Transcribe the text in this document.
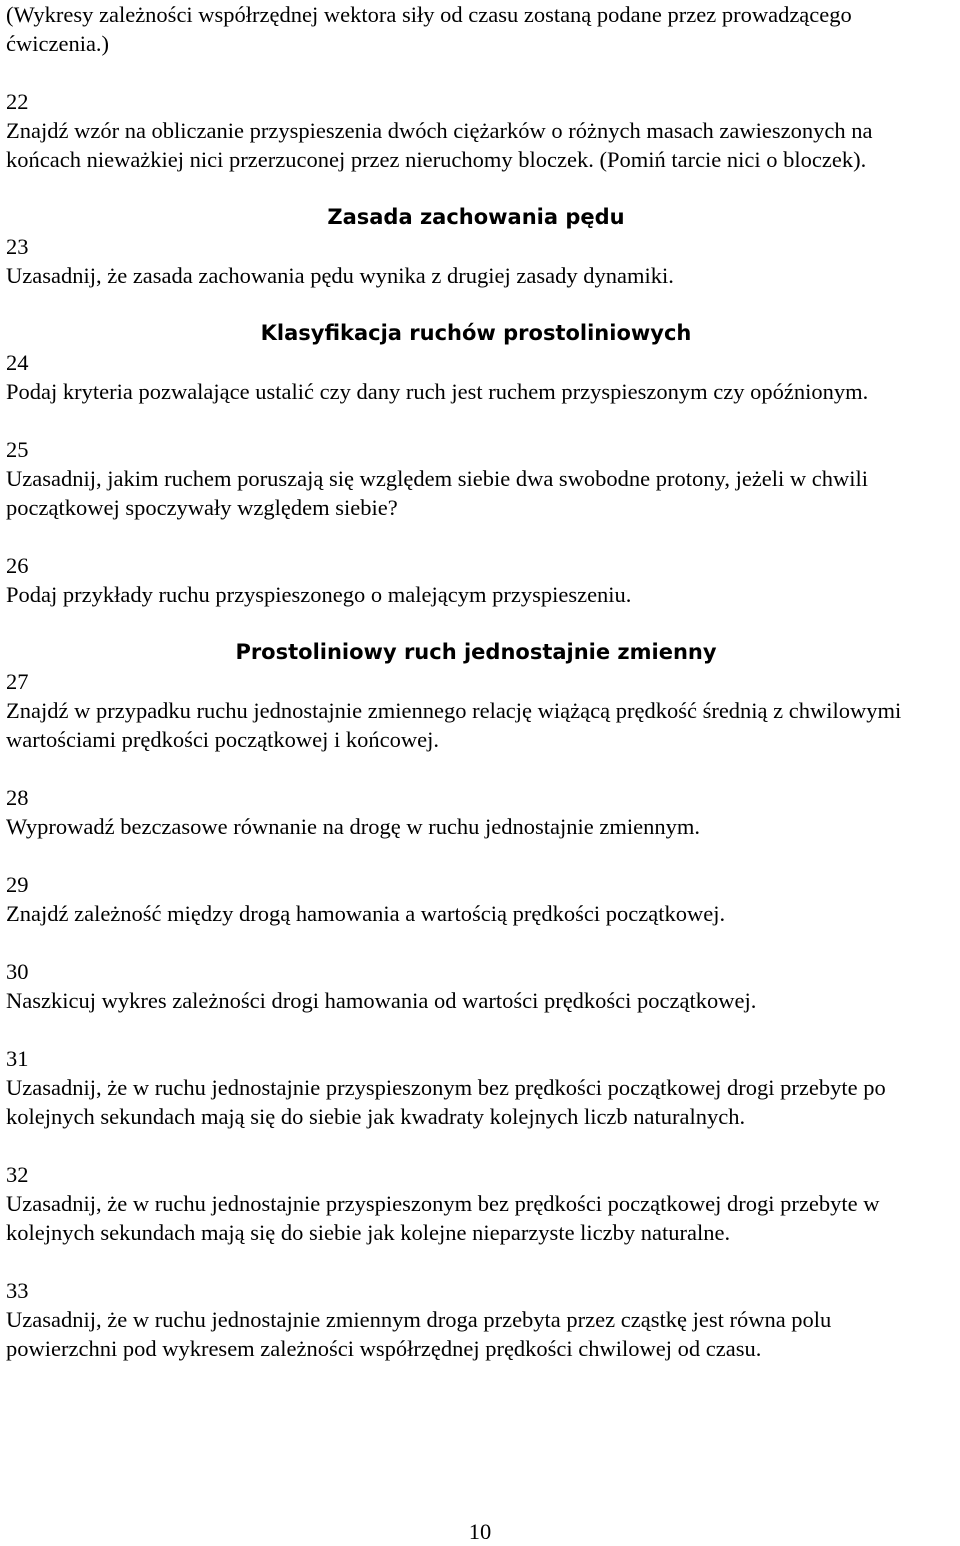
(Wykresy zależności współrzędnej wektora siły od czasu zostaną podane przez prowadzącego ćwiczenia.)

22
Znajdź wzór na obliczanie przyspieszenia dwóch ciężarków o różnych masach zawieszonych na końcach nieważkiej nici przerzuconej przez nieruchomy bloczek. (Pomiń tarcie nici o bloczek).
Zasada zachowania pędu
23
Uzasadnij, że zasada zachowania pędu wynika z drugiej zasady dynamiki.
Klasyfikacja ruchów prostoliniowych
24
Podaj kryteria pozwalające ustalić czy dany ruch jest ruchem przyspieszonym czy opóźnionym.
25
Uzasadnij, jakim ruchem poruszają się względem siebie dwa swobodne protony, jeżeli w chwili początkowej spoczywały względem siebie?
26
Podaj przykłady ruchu przyspieszonego o malejącym przyspieszeniu.
Prostoliniowy ruch jednostajnie zmienny
27
Znajdź w przypadku ruchu jednostajnie zmiennego relację wiążącą prędkość średnią z chwilowymi wartościami prędkości początkowej i końcowej.
28
Wyprowadź bezczasowe równanie na drogę w ruchu jednostajnie zmiennym.
29
Znajdź zależność między drogą hamowania a wartością prędkości początkowej.
30
Naszkicuj wykres zależności drogi hamowania od wartości prędkości początkowej.
31
Uzasadnij, że w ruchu jednostajnie przyspieszonym bez prędkości początkowej drogi przebyte po kolejnych sekundach mają się do siebie jak kwadraty kolejnych liczb naturalnych.
32
Uzasadnij, że w ruchu jednostajnie przyspieszonym bez prędkości początkowej drogi przebyte w kolejnych sekundach mają się do siebie jak kolejne nieparzyste liczby naturalne.
33
Uzasadnij, że w ruchu jednostajnie zmiennym droga przebyta przez cząstkę jest równa polu powierzchni pod wykresem zależności współrzędnej prędkości chwilowej od czasu.
10
